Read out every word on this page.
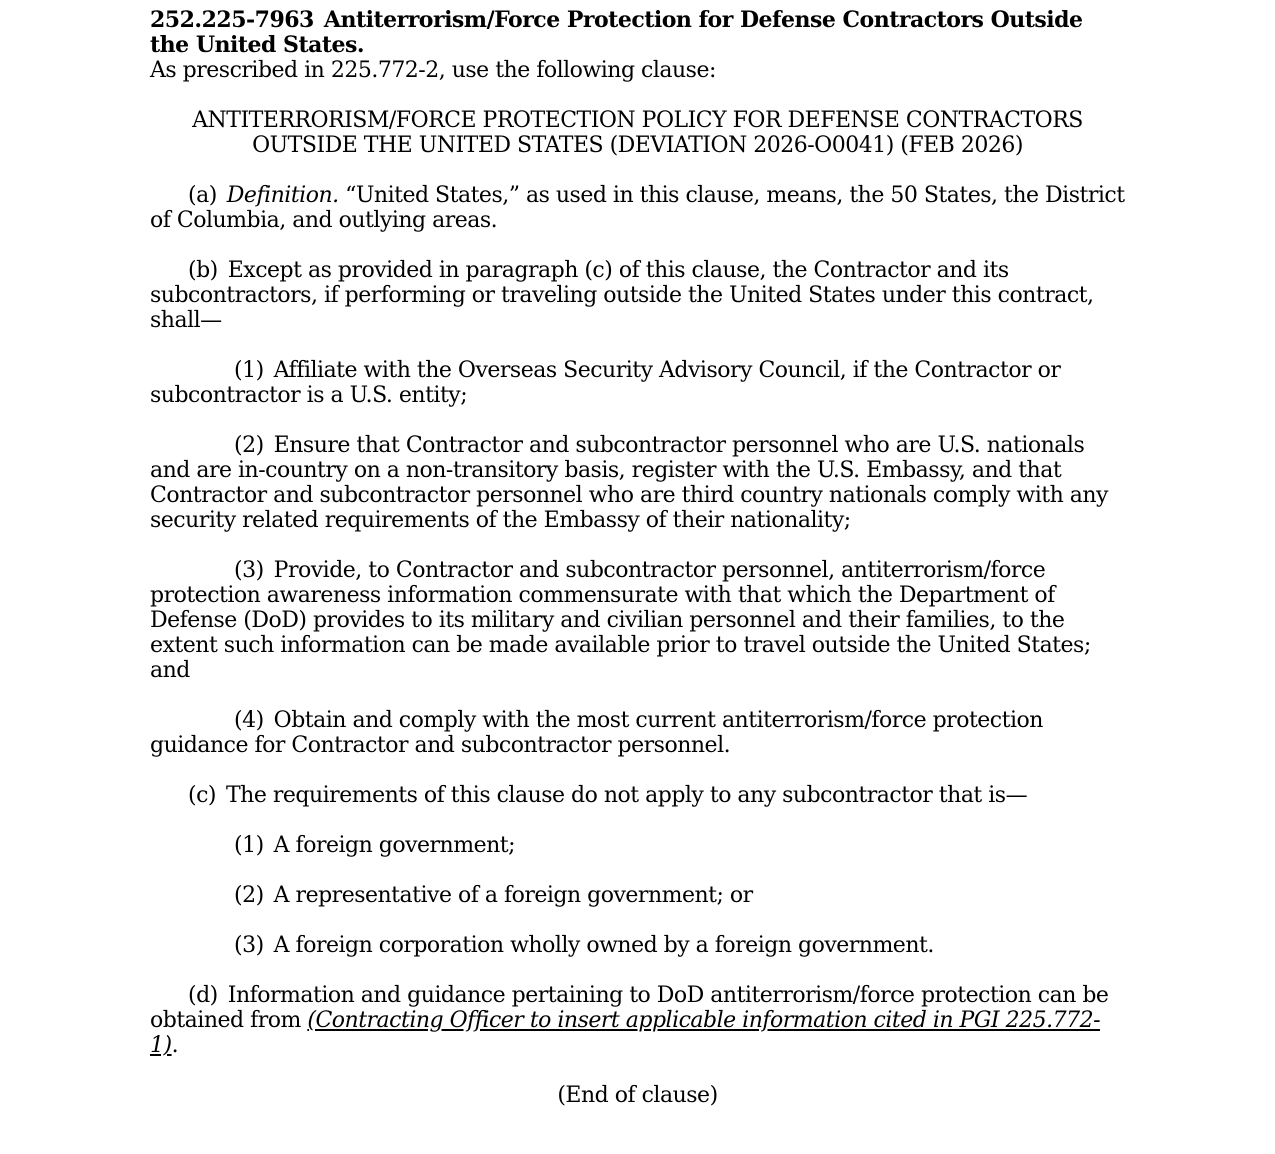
252.225-7963 Antiterrorism/Force Protection for Defense Contractors Outside the United States.
As prescribed in 225.772-2, use the following clause:
ANTITERRORISM/FORCE PROTECTION POLICY FOR DEFENSE CONTRACTORS OUTSIDE THE UNITED STATES (DEVIATION 2026-O0041) (FEB 2026)
(a) Definition. “United States,” as used in this clause, means, the 50 States, the District of Columbia, and outlying areas.
(b) Except as provided in paragraph (c) of this clause, the Contractor and its subcontractors, if performing or traveling outside the United States under this contract, shall—
(1) Affiliate with the Overseas Security Advisory Council, if the Contractor or subcontractor is a U.S. entity;
(2) Ensure that Contractor and subcontractor personnel who are U.S. nationals and are in-country on a non-transitory basis, register with the U.S. Embassy, and that Contractor and subcontractor personnel who are third country nationals comply with any security related requirements of the Embassy of their nationality;
(3) Provide, to Contractor and subcontractor personnel, antiterrorism/force protection awareness information commensurate with that which the Department of Defense (DoD) provides to its military and civilian personnel and their families, to the extent such information can be made available prior to travel outside the United States; and
(4) Obtain and comply with the most current antiterrorism/force protection guidance for Contractor and subcontractor personnel.
(c) The requirements of this clause do not apply to any subcontractor that is—
(1) A foreign government;
(2) A representative of a foreign government; or
(3) A foreign corporation wholly owned by a foreign government.
(d) Information and guidance pertaining to DoD antiterrorism/force protection can be obtained from (Contracting Officer to insert applicable information cited in PGI 225.772-1).
(End of clause)
